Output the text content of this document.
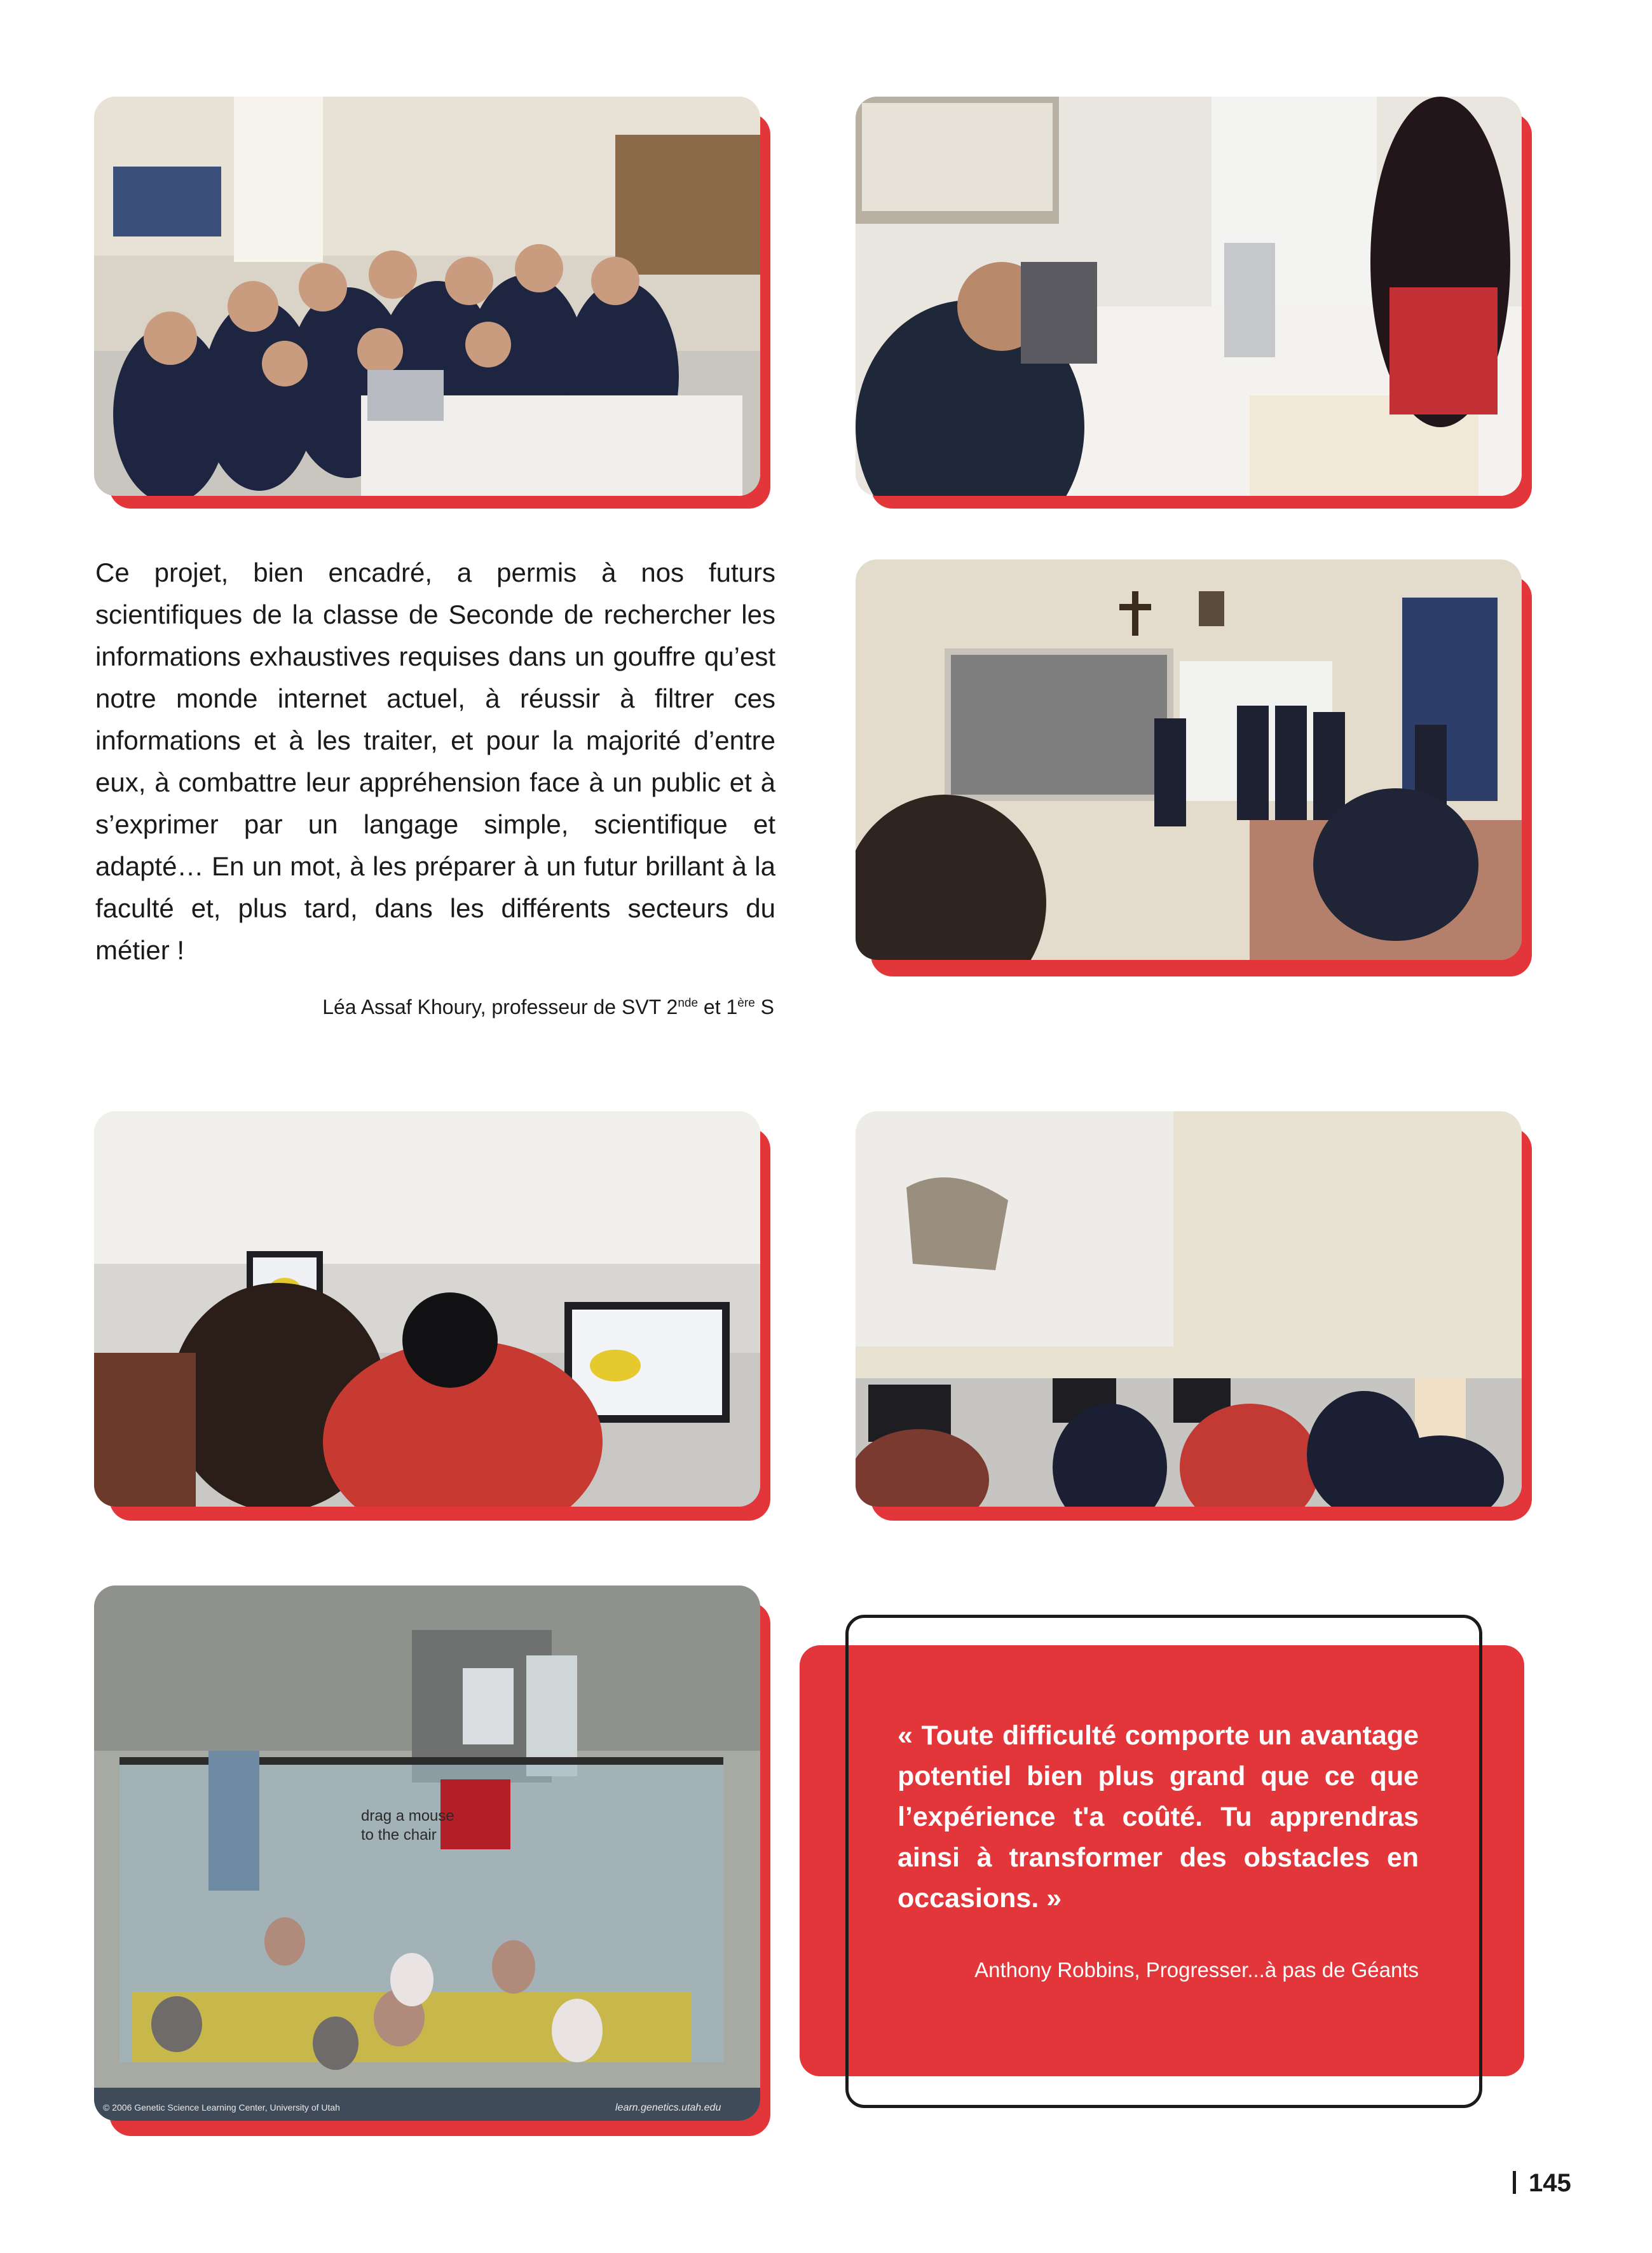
Ce projet, bien encadré, a permis à nos futurs scientifiques de la classe de Seconde de rechercher les informations exhaustives requises dans un gouffre qu’est notre monde internet actuel, à réussir à filtrer ces informations et à les traiter, et pour la majorité d’entre eux, à combattre leur appréhension face à un public et à s’exprimer par un langage simple, scientifique et adapté… En un mot, à les préparer à un futur brillant à la faculté et, plus tard, dans les différents secteurs du métier !
Léa Assaf Khoury, professeur de SVT 2nde et 1ère S
drag a mouse
to the chair
© 2006 Genetic Science Learning Center, University of Utah	learn.genetics.utah.edu
« Toute difficulté comporte un avantage potentiel bien plus grand que ce que l’expérience t'a coûté. Tu apprendras ainsi à transformer des obstacles en occasions. »
Anthony Robbins, Progresser...à pas de Géants
145
